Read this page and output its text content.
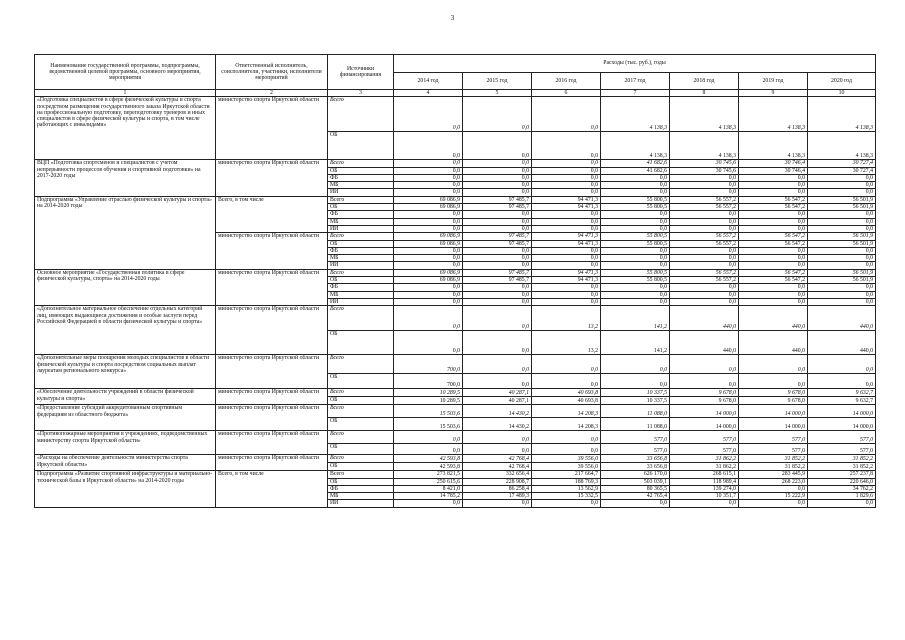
3
Наименование государственной программы, подпрограммы, ведомственной целевой программы, основного мероприятия, мероприятия	Ответственный исполнитель, соисполнители, участники, исполнители мероприятий	Источники финансирования	Расходы (тыс. руб.), годы						
			2014 год	2015 год	2016 год	2017 год	2018 год	2019 год	2020 год
1	2	3	4	5	6	7	8	9	10
«Подготовка специалистов в сфере физической культуры и спорта посредством размещения государственного заказа Иркутской области на профессиональную подготовку, переподготовку тренеров и иных специалистов в сфере физической культуры и спорта, в том числе работающих с инвалидами»	министерство спорта Иркутской области	Всего	0,0	0,0	0,0	4 138,3	4 138,3	4 138,3	4 138,3
		ОБ	0,0	0,0	0,0	4 138,3	4 138,3	4 138,3	4 138,3
ВЦП «Подготовка спортсменов и специалистов с учетом непрерывности процессов обучения и спортивной подготовки» на 2017-2020 годы	министерство спорта Иркутской области	Всего	0,0	0,0	0,0	41 682,6	30 745,6	30 746,4	30 727,4
		ОБ	0,0	0,0	0,0	41 682,6	30 745,6	30 746,4	30 727,4
		ФБ	0,0	0,0	0,0	0,0	0,0	0,0	0,0
		МБ	0,0	0,0	0,0	0,0	0,0	0,0	0,0
		ИИ	0,0	0,0	0,0	0,0	0,0	0,0	0,0
Подпрограмма «Управление отраслью физической культуры и спорта» на 2014-2020 годы	Всего, в том числе	Всего	69 086,9	97 485,7	94 471,3	55 800,5	56 557,2	56 547,2	56 501,9
		ОБ	69 086,9	97 485,7	94 471,3	55 800,5	56 557,2	56 547,2	56 501,9
		ФБ	0,0	0,0	0,0	0,0	0,0	0,0	0,0
		МБ	0,0	0,0	0,0	0,0	0,0	0,0	0,0
		ИИ	0,0	0,0	0,0	0,0	0,0	0,0	0,0
	министерство спорта Иркутской области	Всего	69 086,9	97 485,7	94 471,3	55 800,5	56 557,2	56 547,2	56 501,9
		ОБ	69 086,9	97 485,7	94 471,3	55 800,5	56 557,2	56 547,2	56 501,9
		ФБ	0,0	0,0	0,0	0,0	0,0	0,0	0,0
		МБ	0,0	0,0	0,0	0,0	0,0	0,0	0,0
		ИИ	0,0	0,0	0,0	0,0	0,0	0,0	0,0
Основное мероприятие «Государственная политика в сфере физической культуры, спорта» на 2014-2020 годы	министерство спорта Иркутской области	Всего	69 086,9	97 485,7	94 471,3	55 800,5	56 557,2	56 547,2	56 501,9
		ОБ	69 086,9	97 485,7	94 471,3	55 800,5	56 557,2	56 547,2	56 501,9
		ФБ	0,0	0,0	0,0	0,0	0,0	0,0	0,0
		МБ	0,0	0,0	0,0	0,0	0,0	0,0	0,0
		ИИ	0,0	0,0	0,0	0,0	0,0	0,0	0,0
«Дополнительное материальное обеспечение отдельных категорий лиц, имеющих выдающиеся достижения и особые заслуги перед Российской Федерацией в области физической культуры и спорта»	министерство спорта Иркутской области	Всего	0,0	0,0	13,2	141,2	440,0	440,0	440,0
		ОБ	0,0	0,0	13,2	141,2	440,0	440,0	440,0
«Дополнительные меры поощрения молодых специалистов в области физической культуры и спорта посредством социальных выплат лауреатам регионального конкурса»	министерство спорта Иркутской области	Всего	700,0	0,0	0,0	0,0	0,0	0,0	0,0
		ОБ	700,0	0,0	0,0	0,0	0,0	0,0	0,0
«Обеспечение деятельности учреждений в области физической культуры и спорта»	министерство спорта Иркутской области	Всего	10 289,5	40 287,1	40 693,8	10 337,5	9 678,0	9 678,0	9 632,7
		ОБ	10 289,5	40 287,1	40 693,8	10 337,5	9 678,0	9 678,0	9 632,7
«Предоставление субсидий аккредитованным спортивным федерациям из областного бюджета»	министерство спорта Иркутской области	Всего	15 503,6	14 430,2	14 208,3	11 088,0	14 000,0	14 000,0	14 000,0
		ОБ	15 503,6	14 430,2	14 208,3	11 088,0	14 000,0	14 000,0	14 000,0
«Противопожарные мероприятия в учреждениях, подведомственных министерству спорта Иркутской области»	министерство спорта Иркутской области	Всего	0,0	0,0	0,0	577,0	577,0	577,0	577,0
		ОБ	0,0	0,0	0,0	577,0	577,0	577,0	577,0
«Расходы на обеспечение деятельности министерства спорта Иркутской области»	министерство спорта Иркутской области	Всего	42 593,8	42 768,4	39 556,0	33 656,8	31 862,2	31 852,2	31 852,2
		ОБ	42 593,8	42 768,4	39 556,0	33 656,8	31 862,2	31 852,2	31 852,2
Подпрограмма «Развитие спортивной инфраструктуры и материально-технической базы в Иркутской области» на 2014-2020 годы	Всего, в том числе	Всего	273 821,5	332 656,4	217 664,7	626 170,0	268 615,1	283 445,9	257 237,8
		ОБ	250 615,6	228 908,7	188 769,3	503 039,1	118 989,4	268 223,0	220 646,0
		ФБ	8 421,0	86 258,4	13 562,9	80 365,5	139 274,0	0,0	34 762,2
		МБ	14 785,2	17 489,3	15 332,5	42 765,4	10 351,7	15 222,9	1 829,6
		ИИ	0,0	0,0	0,0	0,0	0,0	0,0	0,0
